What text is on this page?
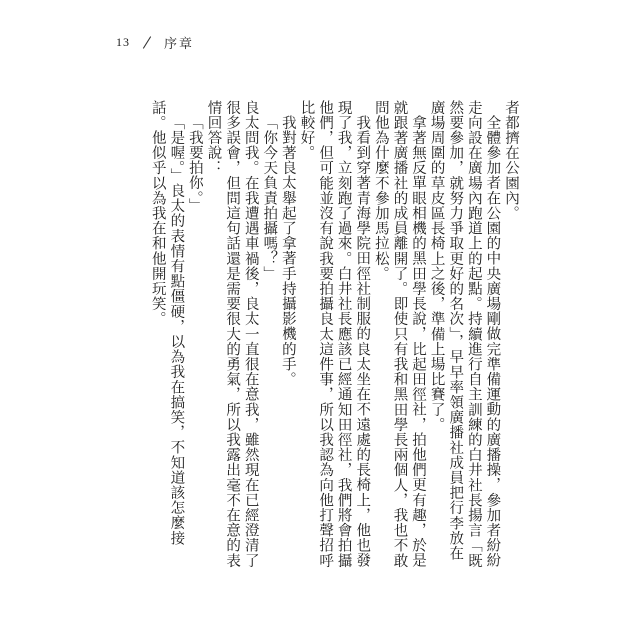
13	序章

者都擠在公園內。

全體參加者在公園的中央廣場剛做完準備運動的廣播操，參加者紛紛走向設在廣場內跑道上的起點。持續進行自主訓練的白井社長揚言「既然要參加，就努力爭取更好的名次」，早早率領廣播社成員把行李放在廣場周圍的草皮區長椅上之後，準備上場比賽了。

拿著無反單眼相機的黑田學長說，比起田徑社，拍他們更有趣，於是就跟著廣播社的成員離開了。即使只有我和黑田學長兩個人，我也不敢問他為什麼不參加馬拉松。

我看到穿著青海學院田徑社制服的良太坐在不遠處的長椅上，他也發現了我，立刻跑了過來。白井社長應該已經通知田徑社，我們將會拍攝他們，但可能並沒有說我要拍攝良太這件事，所以我認為向他打聲招呼比較好。

我對著良太舉起了拿著手持攝影機的手。

「你今天負責拍攝嗎？」

良太問我。在我遭遇車禍後，良太一直很在意我，雖然現在已經澄清了很多誤會，但問這句話還是需要很大的勇氣，所以我露出毫不在意的表情回答說：

「我要拍你。」

「是喔。」良太的表情有點僵硬，以為我在搞笑，不知道該怎麼接話。他似乎以為我在和他開玩笑。
